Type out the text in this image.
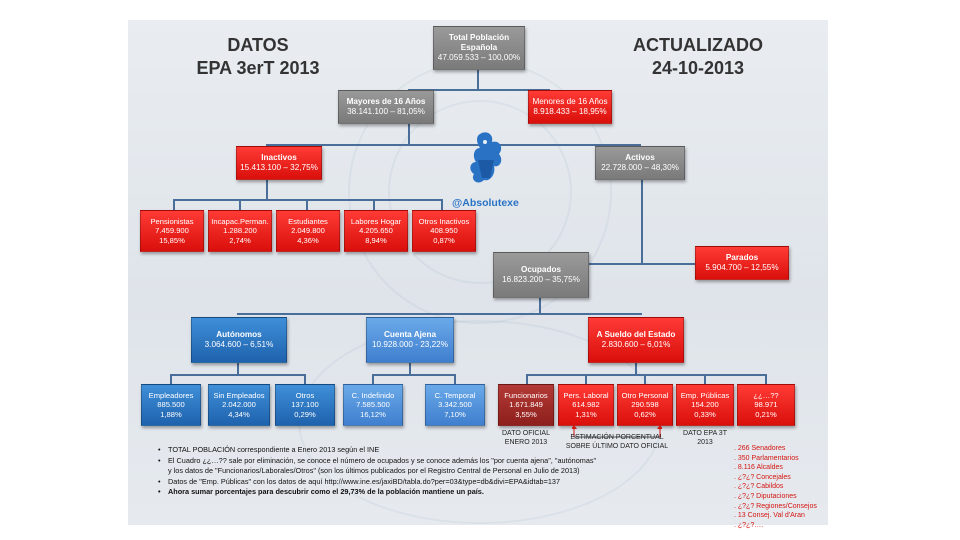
DATOS
EPA 3erT 2013
ACTUALIZADO
24-10-2013
@Absolutexe
Total Población Española
47.059.533 – 100,00%
Mayores de 16 Años
38.141.100 – 81,05%
Menores de 16 Años
8.918.433 – 18,95%
Inactivos
15.413.100 – 32,75%
Activos
22.728.000 – 48,30%
Pensionistas
7.459.900
15,85%
Incapac.Perman.
1.288.200
2,74%
Estudiantes
2.049.800
4,36%
Labores Hogar
4.205.650
8,94%
Otros Inactivos
408.950
0,87%
Ocupados
16.823.200 – 35,75%
Parados
5.904.700 – 12,55%
Autónomos
3.064.600 – 6,51%
Cuenta Ajena
10.928.000 - 23,22%
A Sueldo del Estado
2.830.600 – 6,01%
Empleadores
885.500
1,88%
Sin Empleados
2.042.000
4,34%
Otros
137.100
0,29%
C. Indefinido
7.585.500
16,12%
C. Temporal
3.342.500
7,10%
Funcionarios
1.671.849
3,55%
Pers. Laboral
614.982
1,31%
Otro Personal
290.598
0,62%
Emp. Públicas
154.200
0,33%
¿¿…??
98.971
0,21%
DATO OFICIAL
ENERO 2013
ESTIMACIÓN PORCENTUAL
SOBRE ÚLTIMO DATO OFICIAL
DATO EPA 3T
2013
• TOTAL POBLACIÓN correspondiente a Enero 2013 según el INE
• El Cuadro ¿¿…?? sale por eliminación, se conoce el número de ocupados y se conoce además los "por cuenta ajena", "autónomas"
y los datos de "Funcionarios/Laborales/Otros" (son los últimos publicados por el Registro Central de Personal en Julio de 2013)
• Datos de "Emp. Públicas" con los datos de aquí http://www.ine.es/jaxiBD/tabla.do?per=03&type=db&divi=EPA&idtab=137
• Ahora sumar porcentajes para descubrir como el 29,73% de la población mantiene un país.
. 266 Senadores
. 350 Parlamentarios
. 8.116 Alcaldes
. ¿?¿? Concejales
. ¿?¿? Cabildos
. ¿?¿? Diputaciones
. ¿?¿? Regiones/Consejos
. 13 Consej. Val d'Aran
. ¿?¿?….
